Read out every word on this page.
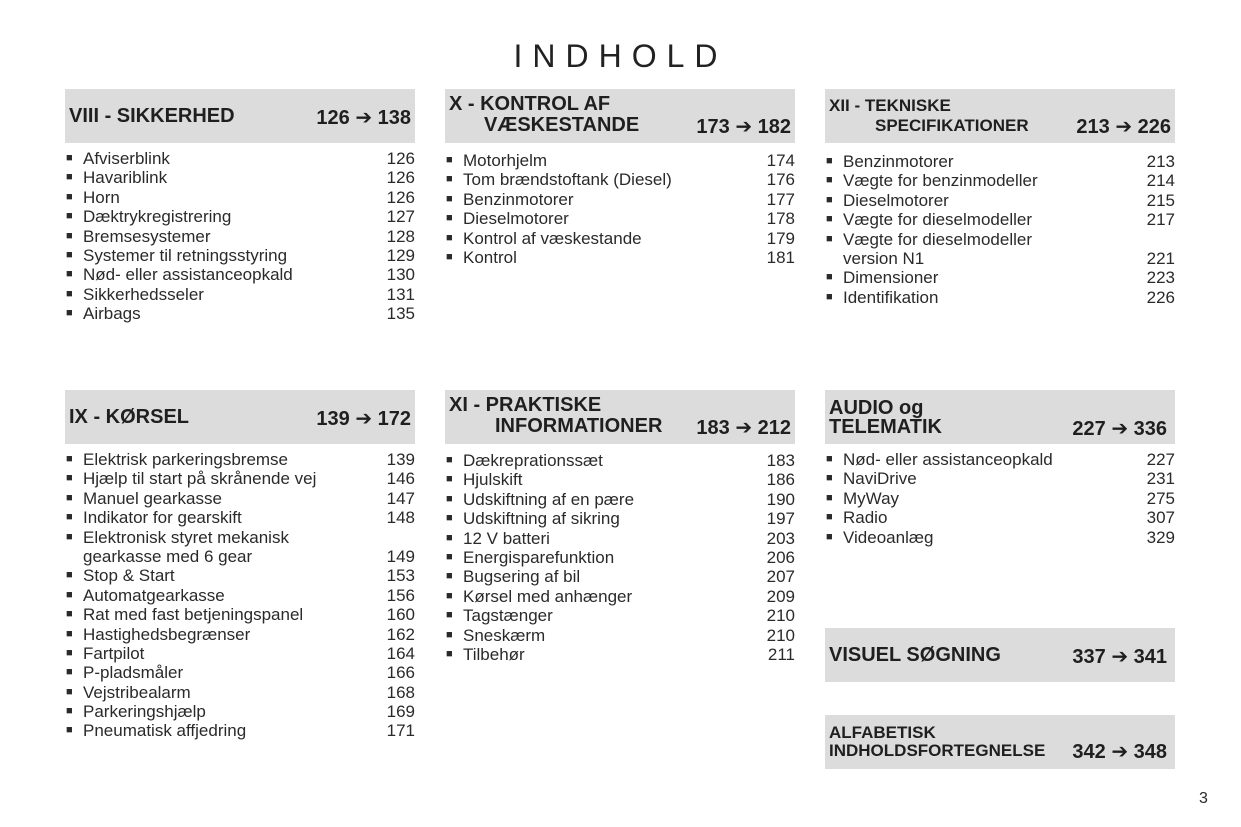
INDHOLD
VIII - SIKKERHED	126 ➔ 138
■ Afviserblink	126
■ Havariblink	126
■ Horn	126
■ Dæktrykregistrering	127
■ Bremsesystemer	128
■ Systemer til retningsstyring	129
■ Nød- eller assistanceopkald	130
■ Sikkerhedsseler	131
■ Airbags	135
X - KONTROL AF
VÆSKESTANDE	173 ➔ 182
■ Motorhjelm	174
■ Tom brændstoftank (Diesel)	176
■ Benzinmotorer	177
■ Dieselmotorer	178
■ Kontrol af væskestande	179
■ Kontrol	181
XII - TEKNISKE
SPECIFIKATIONER 213 ➔ 226
■ Benzinmotorer	213
■ Vægte for benzinmodeller	214
■ Dieselmotorer	215
■ Vægte for dieselmodeller	217
■ Vægte for dieselmodeller
version N1	221
■ Dimensioner	223
■ Identifikation	226
IX - KØRSEL	139 ➔ 172
■ Elektrisk parkeringsbremse	139
■ Hjælp til start på skrånende vej	146
■ Manuel gearkasse	147
■ Indikator for gearskift	148
■ Elektronisk styret mekanisk
gearkasse med 6 gear	149
■ Stop & Start	153
■ Automatgearkasse	156
■ Rat med fast betjeningspanel	160
■ Hastighedsbegrænser	162
■ Fartpilot	164
■ P-pladsmåler	166
■ Vejstribealarm	168
■ Parkeringshjælp	169
■ Pneumatisk affjedring	171
XI - PRAKTISKE
INFORMATIONER 183 ➔ 212
■ Dækreprationssæt	183
■ Hjulskift	186
■ Udskiftning af en pære	190
■ Udskiftning af sikring	197
■ 12 V batteri	203
■ Energisparefunktion	206
■ Bugsering af bil	207
■ Kørsel med anhænger	209
■ Tagstænger	210
■ Sneskærm	210
■ Tilbehør	211
AUDIO og
TELEMATIK	227 ➔ 336
■ Nød- eller assistanceopkald	227
■ NaviDrive	231
■ MyWay	275
■ Radio	307
■ Videoanlæg	329
VISUEL SØGNING	337 ➔ 341
ALFABETISK
INDHOLDSFORTEGNELSE 342 ➔ 348
3
